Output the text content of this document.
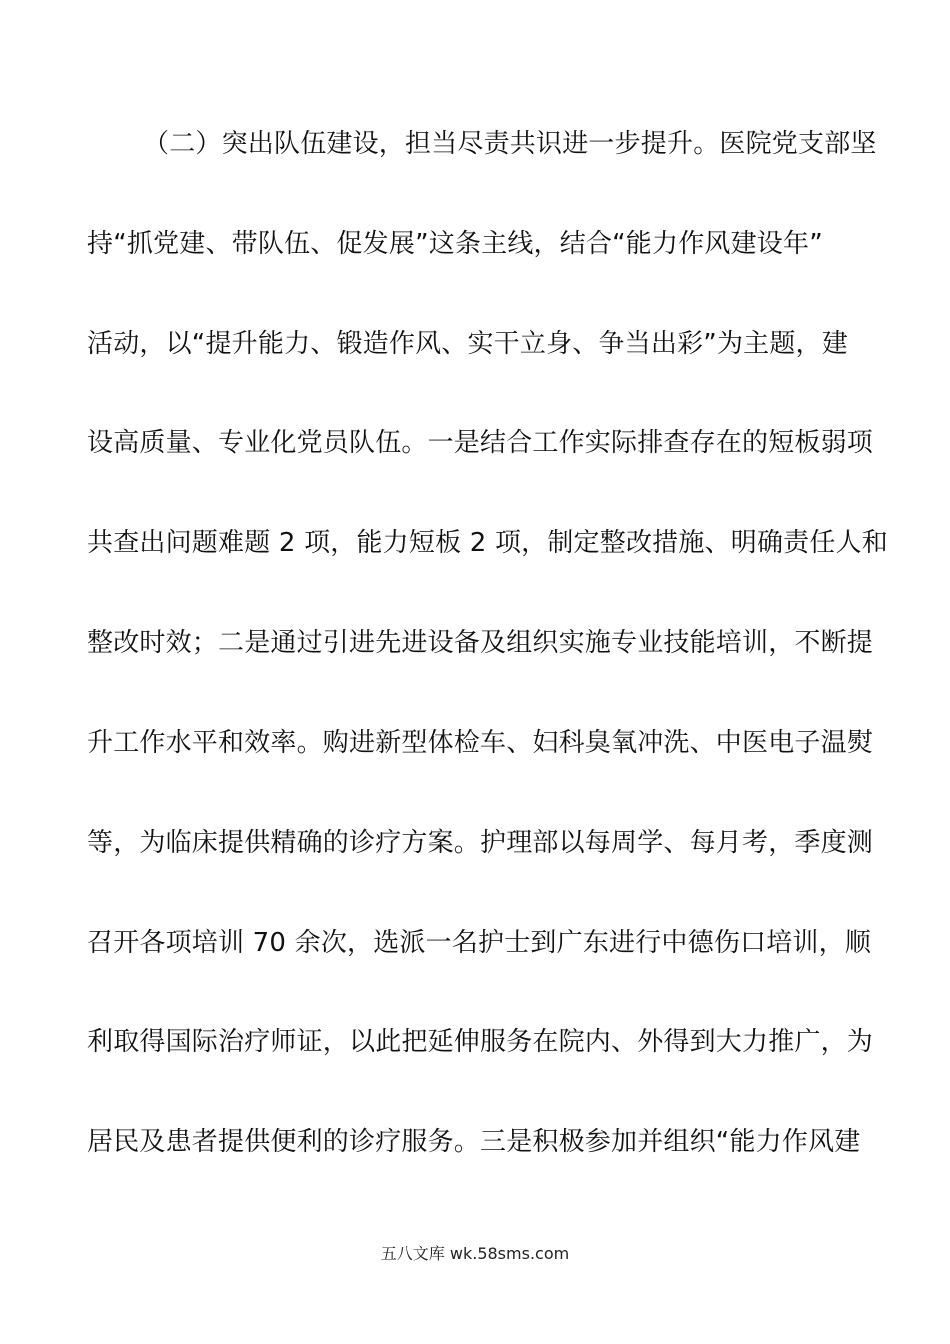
（二）突出队伍建设，担当尽责共识进一步提升。医院党支部坚
持“抓党建、带队伍、促发展”这条主线，结合“能力作风建设年”
活动，以“提升能力、锻造作风、实干立身、争当出彩”为主题，建
设高质量、专业化党员队伍。一是结合工作实际排查存在的短板弱项
共查出问题难题 2 项，能力短板 2 项，制定整改措施、明确责任人和
整改时效；二是通过引进先进设备及组织实施专业技能培训，不断提
升工作水平和效率。购进新型体检车、妇科臭氧冲洗、中医电子温熨
等，为临床提供精确的诊疗方案。护理部以每周学、每月考，季度测
召开各项培训 70 余次，选派一名护士到广东进行中德伤口培训，顺
利取得国际治疗师证，以此把延伸服务在院内、外得到大力推广，为
居民及患者提供便利的诊疗服务。三是积极参加并组织“能力作风建
五八文库 wk.58sms.com
